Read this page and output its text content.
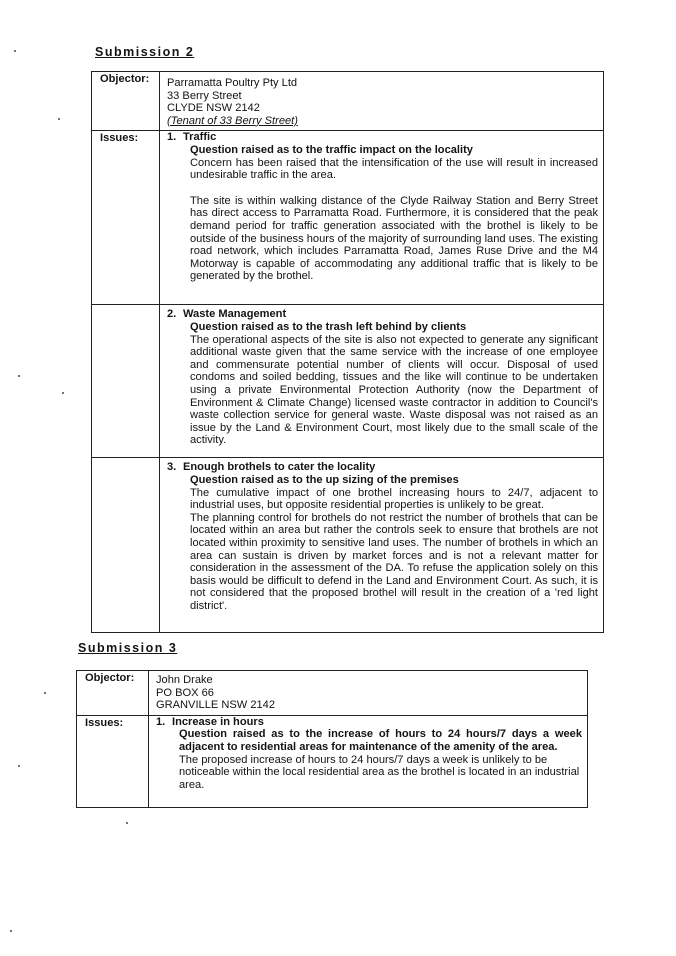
Submission 2
Objector:	Parramatta Poultry Pty Ltd
33 Berry Street
CLYDE NSW 2142
(Tenant of 33 Berry Street)

Issues:	1. Traffic
Question raised as to the traffic impact on the locality

Concern has been raised that the intensification of the use will result in increased undesirable traffic in the area.

The site is within walking distance of the Clyde Railway Station and Berry Street has direct access to Parramatta Road. Furthermore, it is considered that the peak demand period for traffic generation associated with the brothel is likely to be outside of the business hours of the majority of surrounding land uses. The existing road network, which includes Parramatta Road, James Ruse Drive and the M4 Motorway is capable of accommodating any additional traffic that is likely to be generated by the brothel.

	2. Waste Management
Question raised as to the trash left behind by clients

The operational aspects of the site is also not expected to generate any significant additional waste given that the same service with the increase of one employee and commensurate potential number of clients will occur. Disposal of used condoms and soiled bedding, tissues and the like will continue to be undertaken using a private Environmental Protection Authority (now the Department of Environment & Climate Change) licensed waste contractor in addition to Council's waste collection service for general waste. Waste disposal was not raised as an issue by the Land & Environment Court, most likely due to the small scale of the activity.

	3. Enough brothels to cater the locality
Question raised as to the up sizing of the premises

The cumulative impact of one brothel increasing hours to 24/7, adjacent to industrial uses, but opposite residential properties is unlikely to be great.

The planning control for brothels do not restrict the number of brothels that can be located within an area but rather the controls seek to ensure that brothels are not located within proximity to sensitive land uses. The number of brothels in which an area can sustain is driven by market forces and is not a relevant matter for consideration in the assessment of the DA. To refuse the application solely on this basis would be difficult to defend in the Land and Environment Court. As such, it is not considered that the proposed brothel will result in the creation of a 'red light district'.

Submission 3
Objector:	John Drake
PO BOX 66
GRANVILLE NSW 2142

Issues:	1. Increase in hours
Question raised as to the increase of hours to 24 hours/7 days a week adjacent to residential areas for maintenance of the amenity of the area.

The proposed increase of hours to 24 hours/7 days a week is unlikely to be noticeable within the local residential area as the brothel is located in an industrial area.
